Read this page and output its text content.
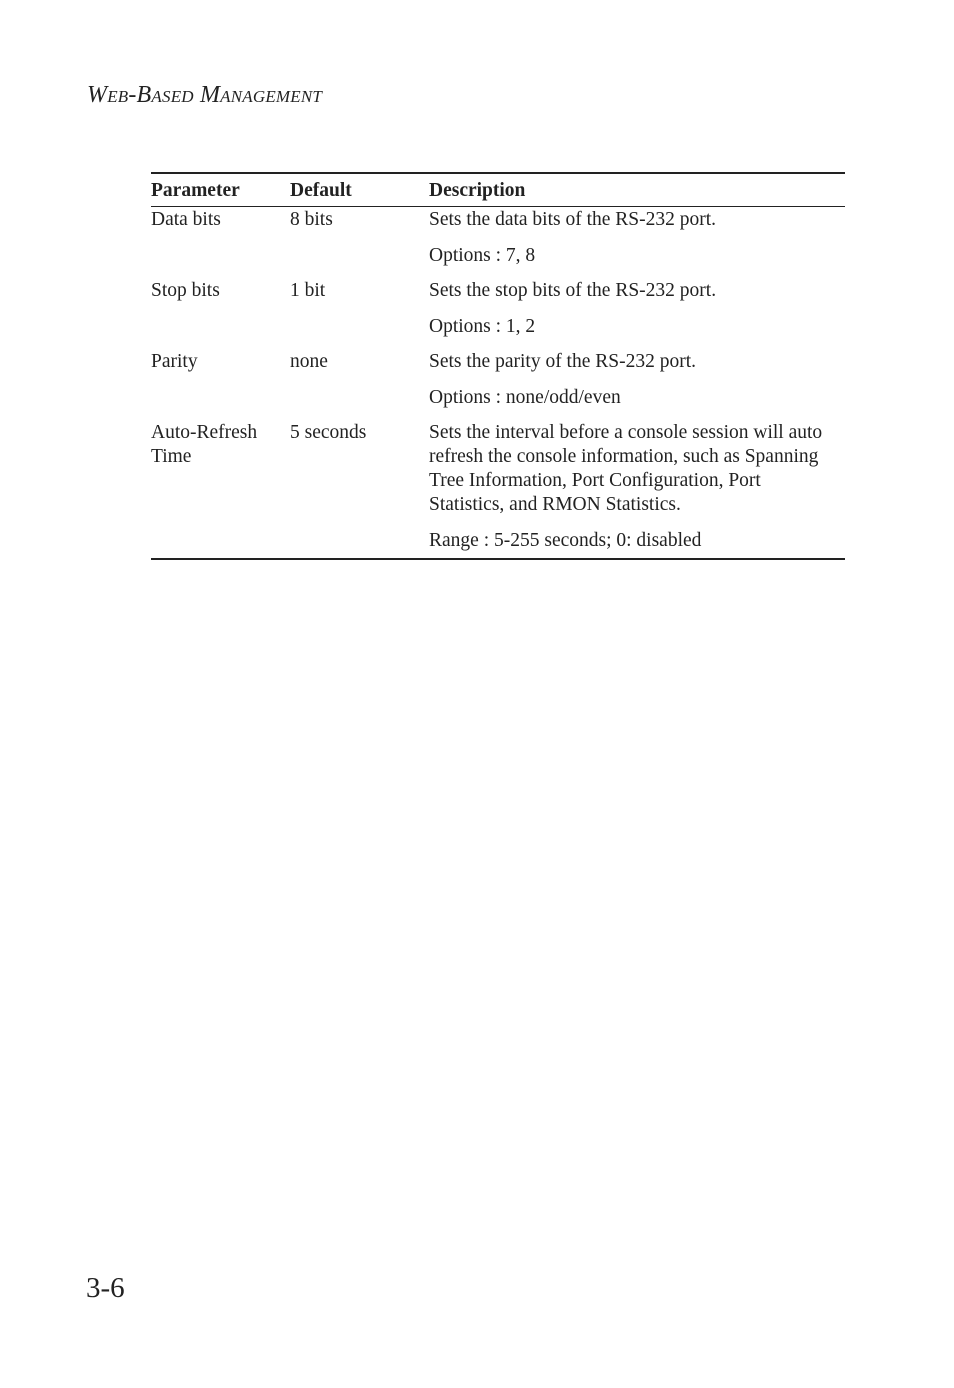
Web-Based Management
Parameter	Default	Description
Data bits	8 bits	Sets the data bits of the RS-232 port.
		Options : 7, 8
Stop bits	1 bit	Sets the stop bits of the RS-232 port.
		Options : 1, 2
Parity	none	Sets the parity of the RS-232 port.
		Options : none/odd/even

Auto-Refresh
Time	5 seconds	Sets the interval before a console session will auto
refresh the console information, such as Spanning
Tree Information, Port Configuration, Port
Statistics, and RMON Statistics.

		Range : 5-255 seconds; 0: disabled
3-6
